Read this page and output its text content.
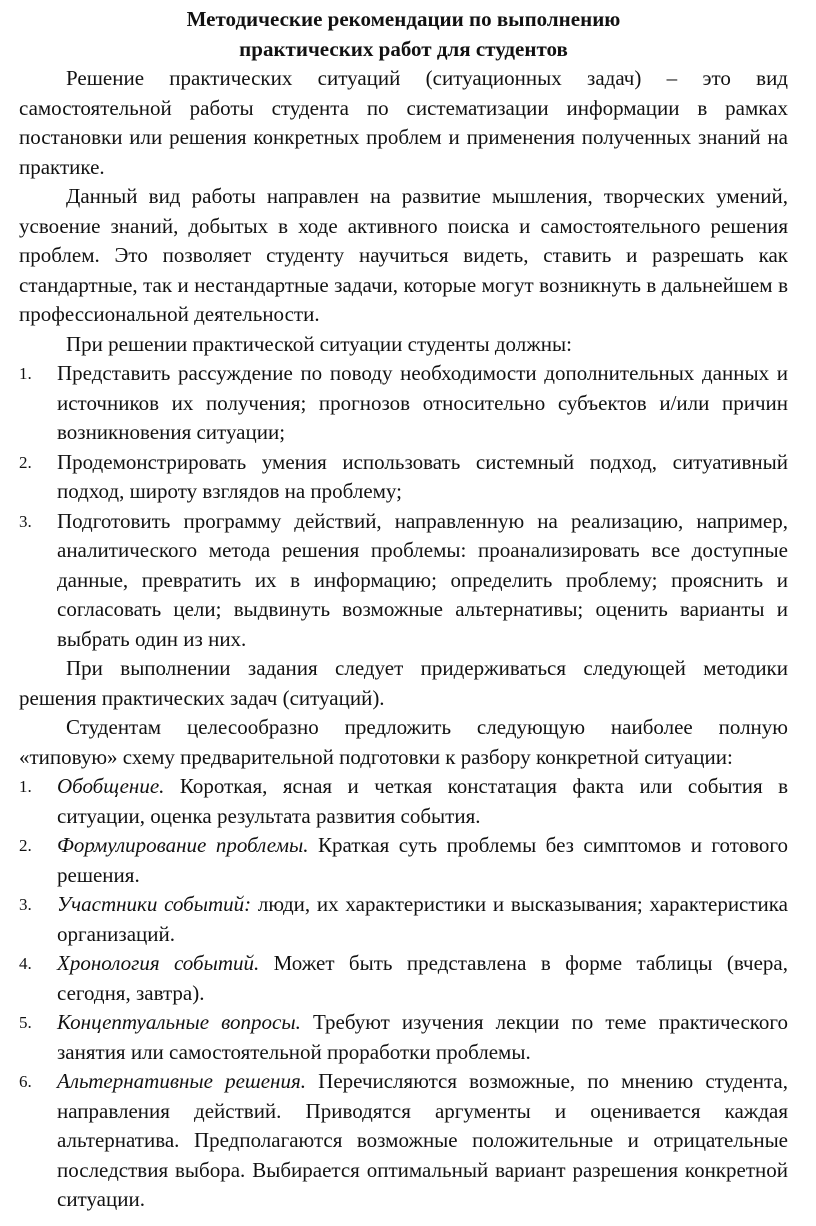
Методические рекомендации по выполнению
практических работ для студентов

Решение практических ситуаций (ситуационных задач) – это вид самостоятельной работы студента по систематизации информации в рамках постановки или решения конкретных проблем и применения полученных знаний на практике.

Данный вид работы направлен на развитие мышления, творческих умений, усвоение знаний, добытых в ходе активного поиска и самостоятельного решения проблем. Это позволяет студенту научиться видеть, ставить и разрешать как стандартные, так и нестандартные задачи, которые могут возникнуть в дальнейшем в профессиональной деятельности.

При решении практической ситуации студенты должны:

1. Представить рассуждение по поводу необходимости дополнительных данных и источников их получения; прогнозов относительно субъектов и/или причин возникновения ситуации;
2. Продемонстрировать умения использовать системный подход, ситуативный подход, широту взглядов на проблему;
3. Подготовить программу действий, направленную на реализацию, например, аналитического метода решения проблемы: проанализировать все доступные данные, превратить их в информацию; определить проблему; прояснить и согласовать цели; выдвинуть возможные альтернативы; оценить варианты и выбрать один из них.

При выполнении задания следует придерживаться следующей методики решения практических задач (ситуаций).

Студентам целесообразно предложить следующую наиболее полную «типовую» схему предварительной подготовки к разбору конкретной ситуации:

1. Обобщение. Короткая, ясная и четкая констатация факта или события в ситуации, оценка результата развития события.
2. Формулирование проблемы. Краткая суть проблемы без симптомов и готового решения.
3. Участники событий: люди, их характеристики и высказывания; характеристика организаций.
4. Хронология событий. Может быть представлена в форме таблицы (вчера, сегодня, завтра).
5. Концептуальные вопросы. Требуют изучения лекции по теме практического занятия или самостоятельной проработки проблемы.
6. Альтернативные решения. Перечисляются возможные, по мнению студента, направления действий. Приводятся аргументы и оценивается каждая альтернатива. Предполагаются возможные положительные и отрицательные последствия выбора. Выбирается оптимальный вариант разрешения конкретной ситуации.
